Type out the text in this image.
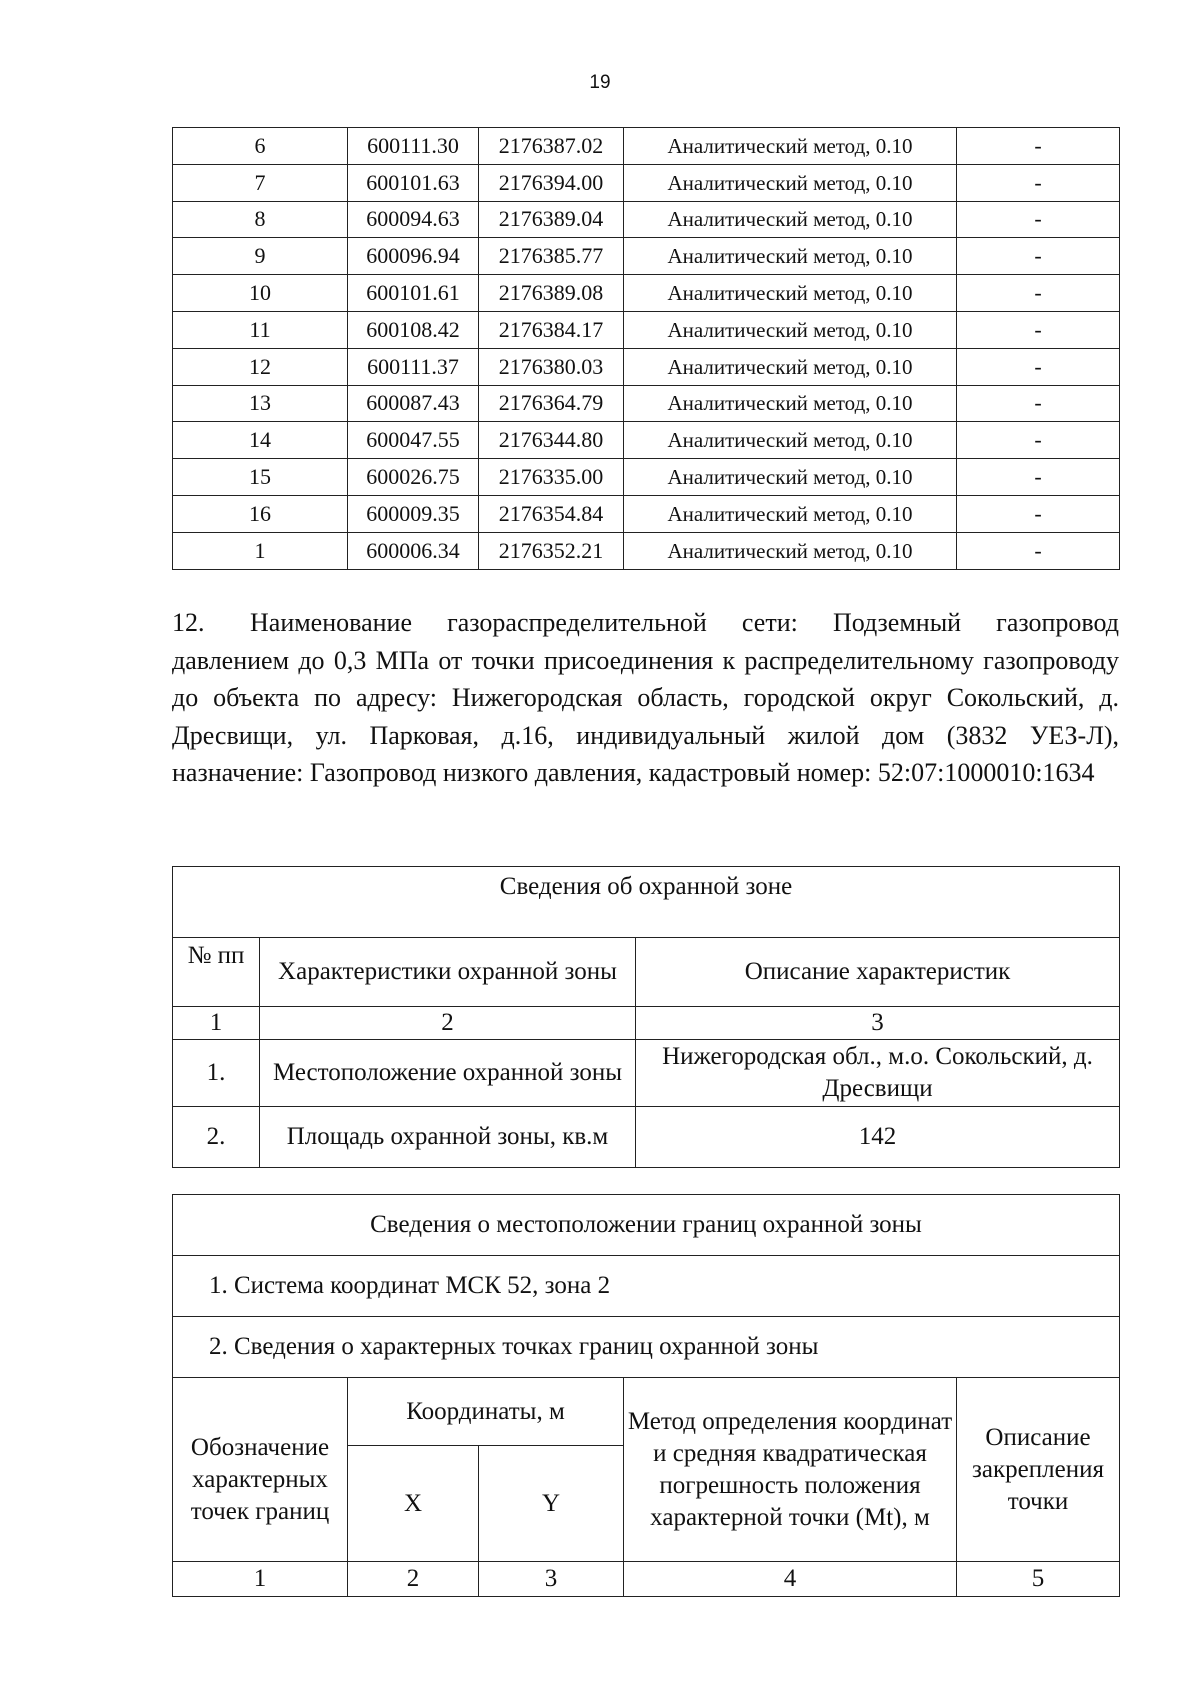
19
6	600111.30	2176387.02	Аналитический метод, 0.10	-
7	600101.63	2176394.00	Аналитический метод, 0.10	-
8	600094.63	2176389.04	Аналитический метод, 0.10	-
9	600096.94	2176385.77	Аналитический метод, 0.10	-
10	600101.61	2176389.08	Аналитический метод, 0.10	-
11	600108.42	2176384.17	Аналитический метод, 0.10	-
12	600111.37	2176380.03	Аналитический метод, 0.10	-
13	600087.43	2176364.79	Аналитический метод, 0.10	-
14	600047.55	2176344.80	Аналитический метод, 0.10	-
15	600026.75	2176335.00	Аналитический метод, 0.10	-
16	600009.35	2176354.84	Аналитический метод, 0.10	-
1	600006.34	2176352.21	Аналитический метод, 0.10	-

12. Наименование газораспределительной сети: Подземный газопровод давлением до 0,3 МПа от точки присоединения к распределительному газопроводу до объекта по адресу: Нижегородская область, городской округ Сокольский, д. Дресвищи, ул. Парковая, д.16, индивидуальный жилой дом (3832 УЕЗ-Л), назначение: Газопровод низкого давления, кадастровый номер: 52:07:1000010:1634

Сведения об охранной зоне		
№ пп	Характеристики охранной зоны	Описание характеристик
1	2	3
1.	Местоположение охранной зоны	Нижегородская обл., м.о. Сокольский, д. Дресвищи
2.	Площадь охранной зоны, кв.м	142
Сведения о местоположении границ охранной зоны				
1. Система координат МСК 52, зона 2				
2. Сведения о характерных точках границ охранной зоны				
Обозначение характерных точек границ	Координаты, м		Метод определения координат и средняя квадратическая погрешность положения характерной точки (Mt), м	Описание закрепления точки
	X	Y		
1	2	3	4	5
